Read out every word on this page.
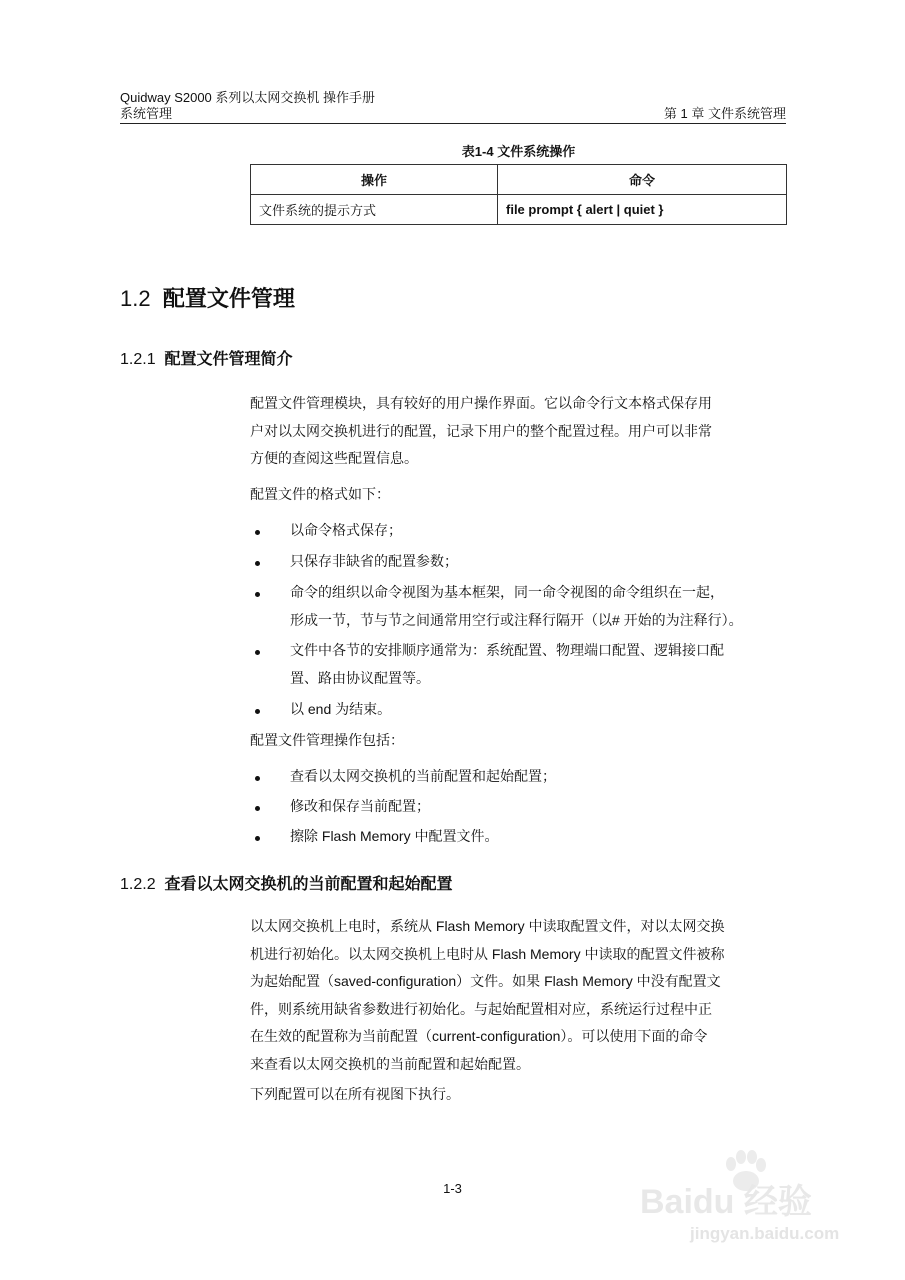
Quidway S2000 系列以太网交换机 操作手册
系统管理	第 1 章 文件系统管理
表1-4 文件系统操作
操作	命令
文件系统的提示方式	file prompt { alert | quiet }
1.2 配置文件管理
1.2.1 配置文件管理简介
配置文件管理模块，具有较好的用户操作界面。它以命令行文本格式保存用
户对以太网交换机进行的配置，记录下用户的整个配置过程。用户可以非常
方便的查阅这些配置信息。
配置文件的格式如下：
以命令格式保存；
只保存非缺省的配置参数；
命令的组织以命令视图为基本框架，同一命令视图的命令组织在一起，
形成一节，节与节之间通常用空行或注释行隔开（以# 开始的为注释行）。
文件中各节的安排顺序通常为：系统配置、物理端口配置、逻辑接口配
置、路由协议配置等。
以 end 为结束。
配置文件管理操作包括：
查看以太网交换机的当前配置和起始配置；
修改和保存当前配置；
擦除 Flash Memory 中配置文件。
1.2.2 查看以太网交换机的当前配置和起始配置
以太网交换机上电时，系统从 Flash Memory 中读取配置文件，对以太网交换
机进行初始化。以太网交换机上电时从 Flash Memory 中读取的配置文件被称
为起始配置（saved-configuration）文件。如果 Flash Memory 中没有配置文
件，则系统用缺省参数进行初始化。与起始配置相对应，系统运行过程中正
在生效的配置称为当前配置（current-configuration）。可以使用下面的命令
来查看以太网交换机的当前配置和起始配置。
下列配置可以在所有视图下执行。
1-3	Baidu 经验
jingyan.baidu.com
